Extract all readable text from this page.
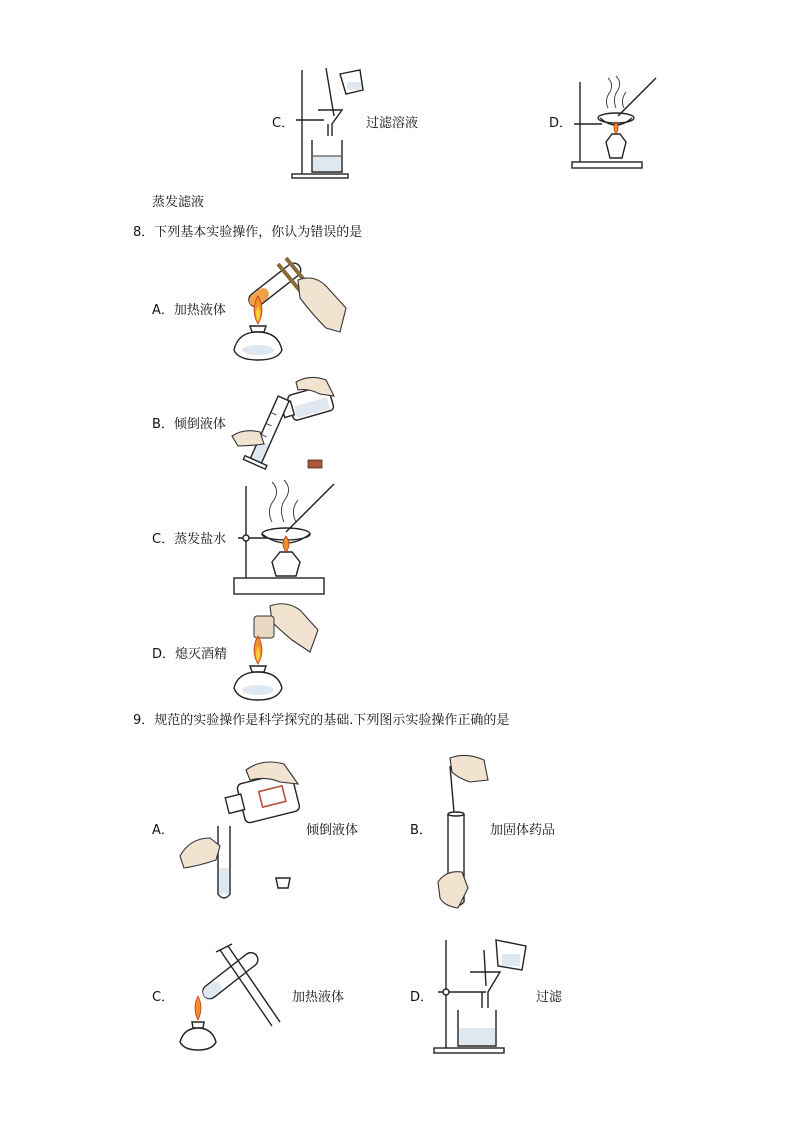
C．	过滤溶液	D．
蒸发滤液
8．下列基本实验操作，你认为错误的是
A．加热液体
B．倾倒液体
C．蒸发盐水
D．熄灭酒精
9．规范的实验操作是科学探究的基础.下列图示实验操作正确的是
A．	倾倒液体	B．	加固体药品
C．	加热液体	D．	过滤
